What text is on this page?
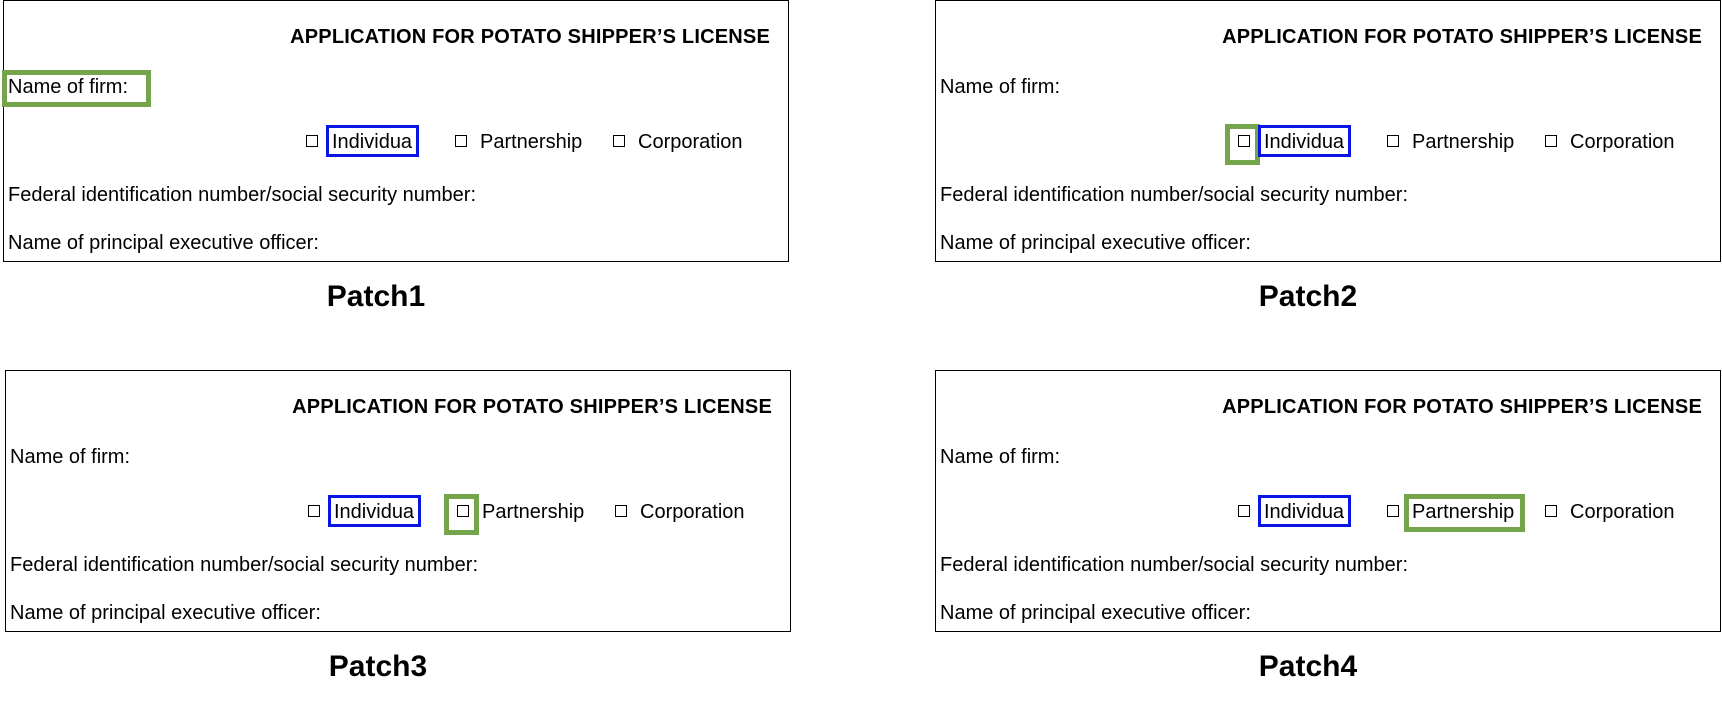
APPLICATION FOR POTATO SHIPPER’S LICENSE
Name of firm:
Individua	Partnership	Corporation
Federal identification number/social security number:
Name of principal executive officer:
Patch1
APPLICATION FOR POTATO SHIPPER’S LICENSE
Name of firm:
Individua	Partnership	Corporation
Federal identification number/social security number:
Name of principal executive officer:
Patch2
APPLICATION FOR POTATO SHIPPER’S LICENSE
Name of firm:
Individua	Partnership	Corporation
Federal identification number/social security number:
Name of principal executive officer:
Patch3
APPLICATION FOR POTATO SHIPPER’S LICENSE
Name of firm:
Individua	Partnership	Corporation
Federal identification number/social security number:
Name of principal executive officer:
Patch4
